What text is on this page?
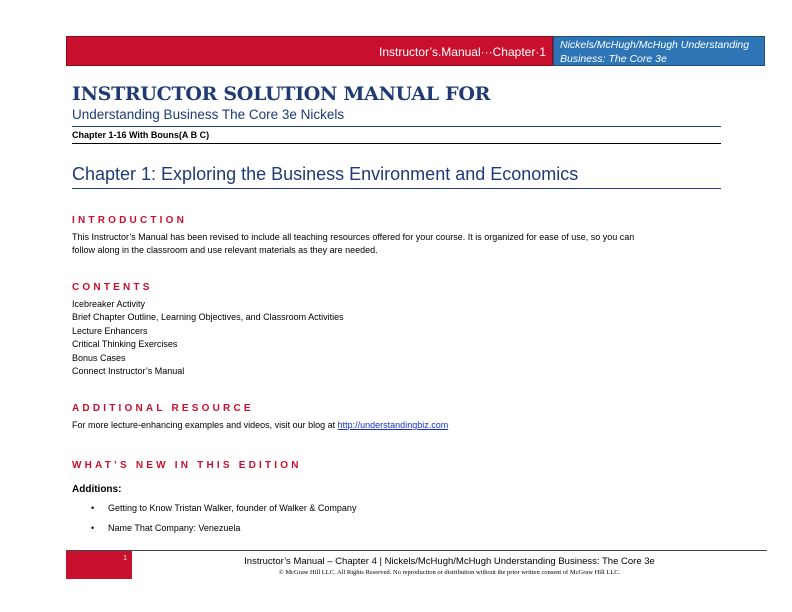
Instructor’s.Manual···Chapter·1 Nickels/McHugh/McHugh Understanding
Business: The Core 3e
INSTRUCTOR SOLUTION MANUAL FOR
Understanding Business The Core 3e Nickels
Chapter 1-16 With Bouns(A B C)
Chapter 1: Exploring the Business Environment and Economics
INTRODUCTION
This Instructor’s Manual has been revised to include all teaching resources offered for your course. It is organized for ease of use, so you can
follow along in the classroom and use relevant materials as they are needed.
CONTENTS
Icebreaker Activity
Brief Chapter Outline, Learning Objectives, and Classroom Activities
Lecture Enhancers
Critical Thinking Exercises
Bonus Cases
Connect Instructor’s Manual
ADDITIONAL RESOURCE
For more lecture-enhancing examples and videos, visit our blog at http://understandingbiz.com
WHAT’S NEW IN THIS EDITION
Additions:
• Getting to Know Tristan Walker, founder of Walker & Company
• Name That Company: Venezuela
1	Instructor’s Manual – Chapter 4 | Nickels/McHugh/McHugh Understanding Business: The Core 3e
© McGraw Hill LLC. All Rights Reserved. No reproduction or distribution without the prior written consent of McGraw Hill LLC.
